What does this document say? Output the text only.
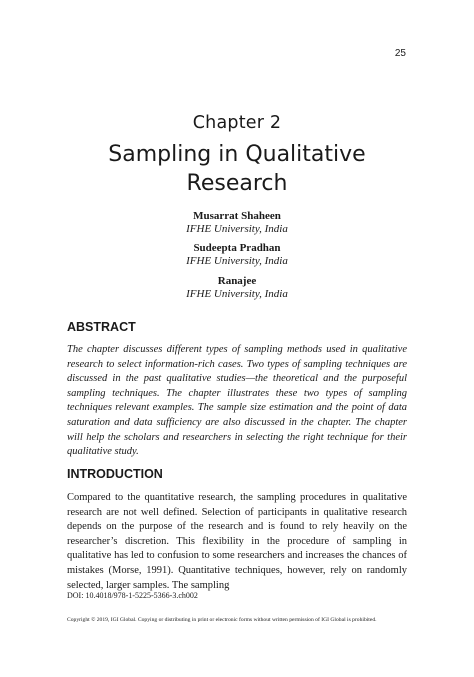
25
Chapter 2
Sampling in Qualitative
Research
Musarrat Shaheen
IFHE University, India
Sudeepta Pradhan
IFHE University, India
Ranajee
IFHE University, India
ABSTRACT
The chapter discusses different types of sampling methods used in qualitative research to select information-rich cases. Two types of sampling techniques are discussed in the past qualitative studies—the theoretical and the purposeful sampling techniques. The chapter illustrates these two types of sampling techniques relevant examples. The sample size estimation and the point of data saturation and data sufficiency are also discussed in the chapter. The chapter will help the scholars and researchers in selecting the right technique for their qualitative study.
INTRODUCTION
Compared to the quantitative research, the sampling procedures in qualitative research are not well defined. Selection of participants in qualitative research depends on the purpose of the research and is found to rely heavily on the researcher’s discretion. This flexibility in the procedure of sampling in qualitative has led to confusion to some researchers and increases the chances of mistakes (Morse, 1991). Quantitative techniques, however, rely on randomly selected, larger samples. The sampling
DOI: 10.4018/978-1-5225-5366-3.ch002
Copyright © 2019, IGI Global. Copying or distributing in print or electronic forms without written permission of IGI Global is prohibited.
